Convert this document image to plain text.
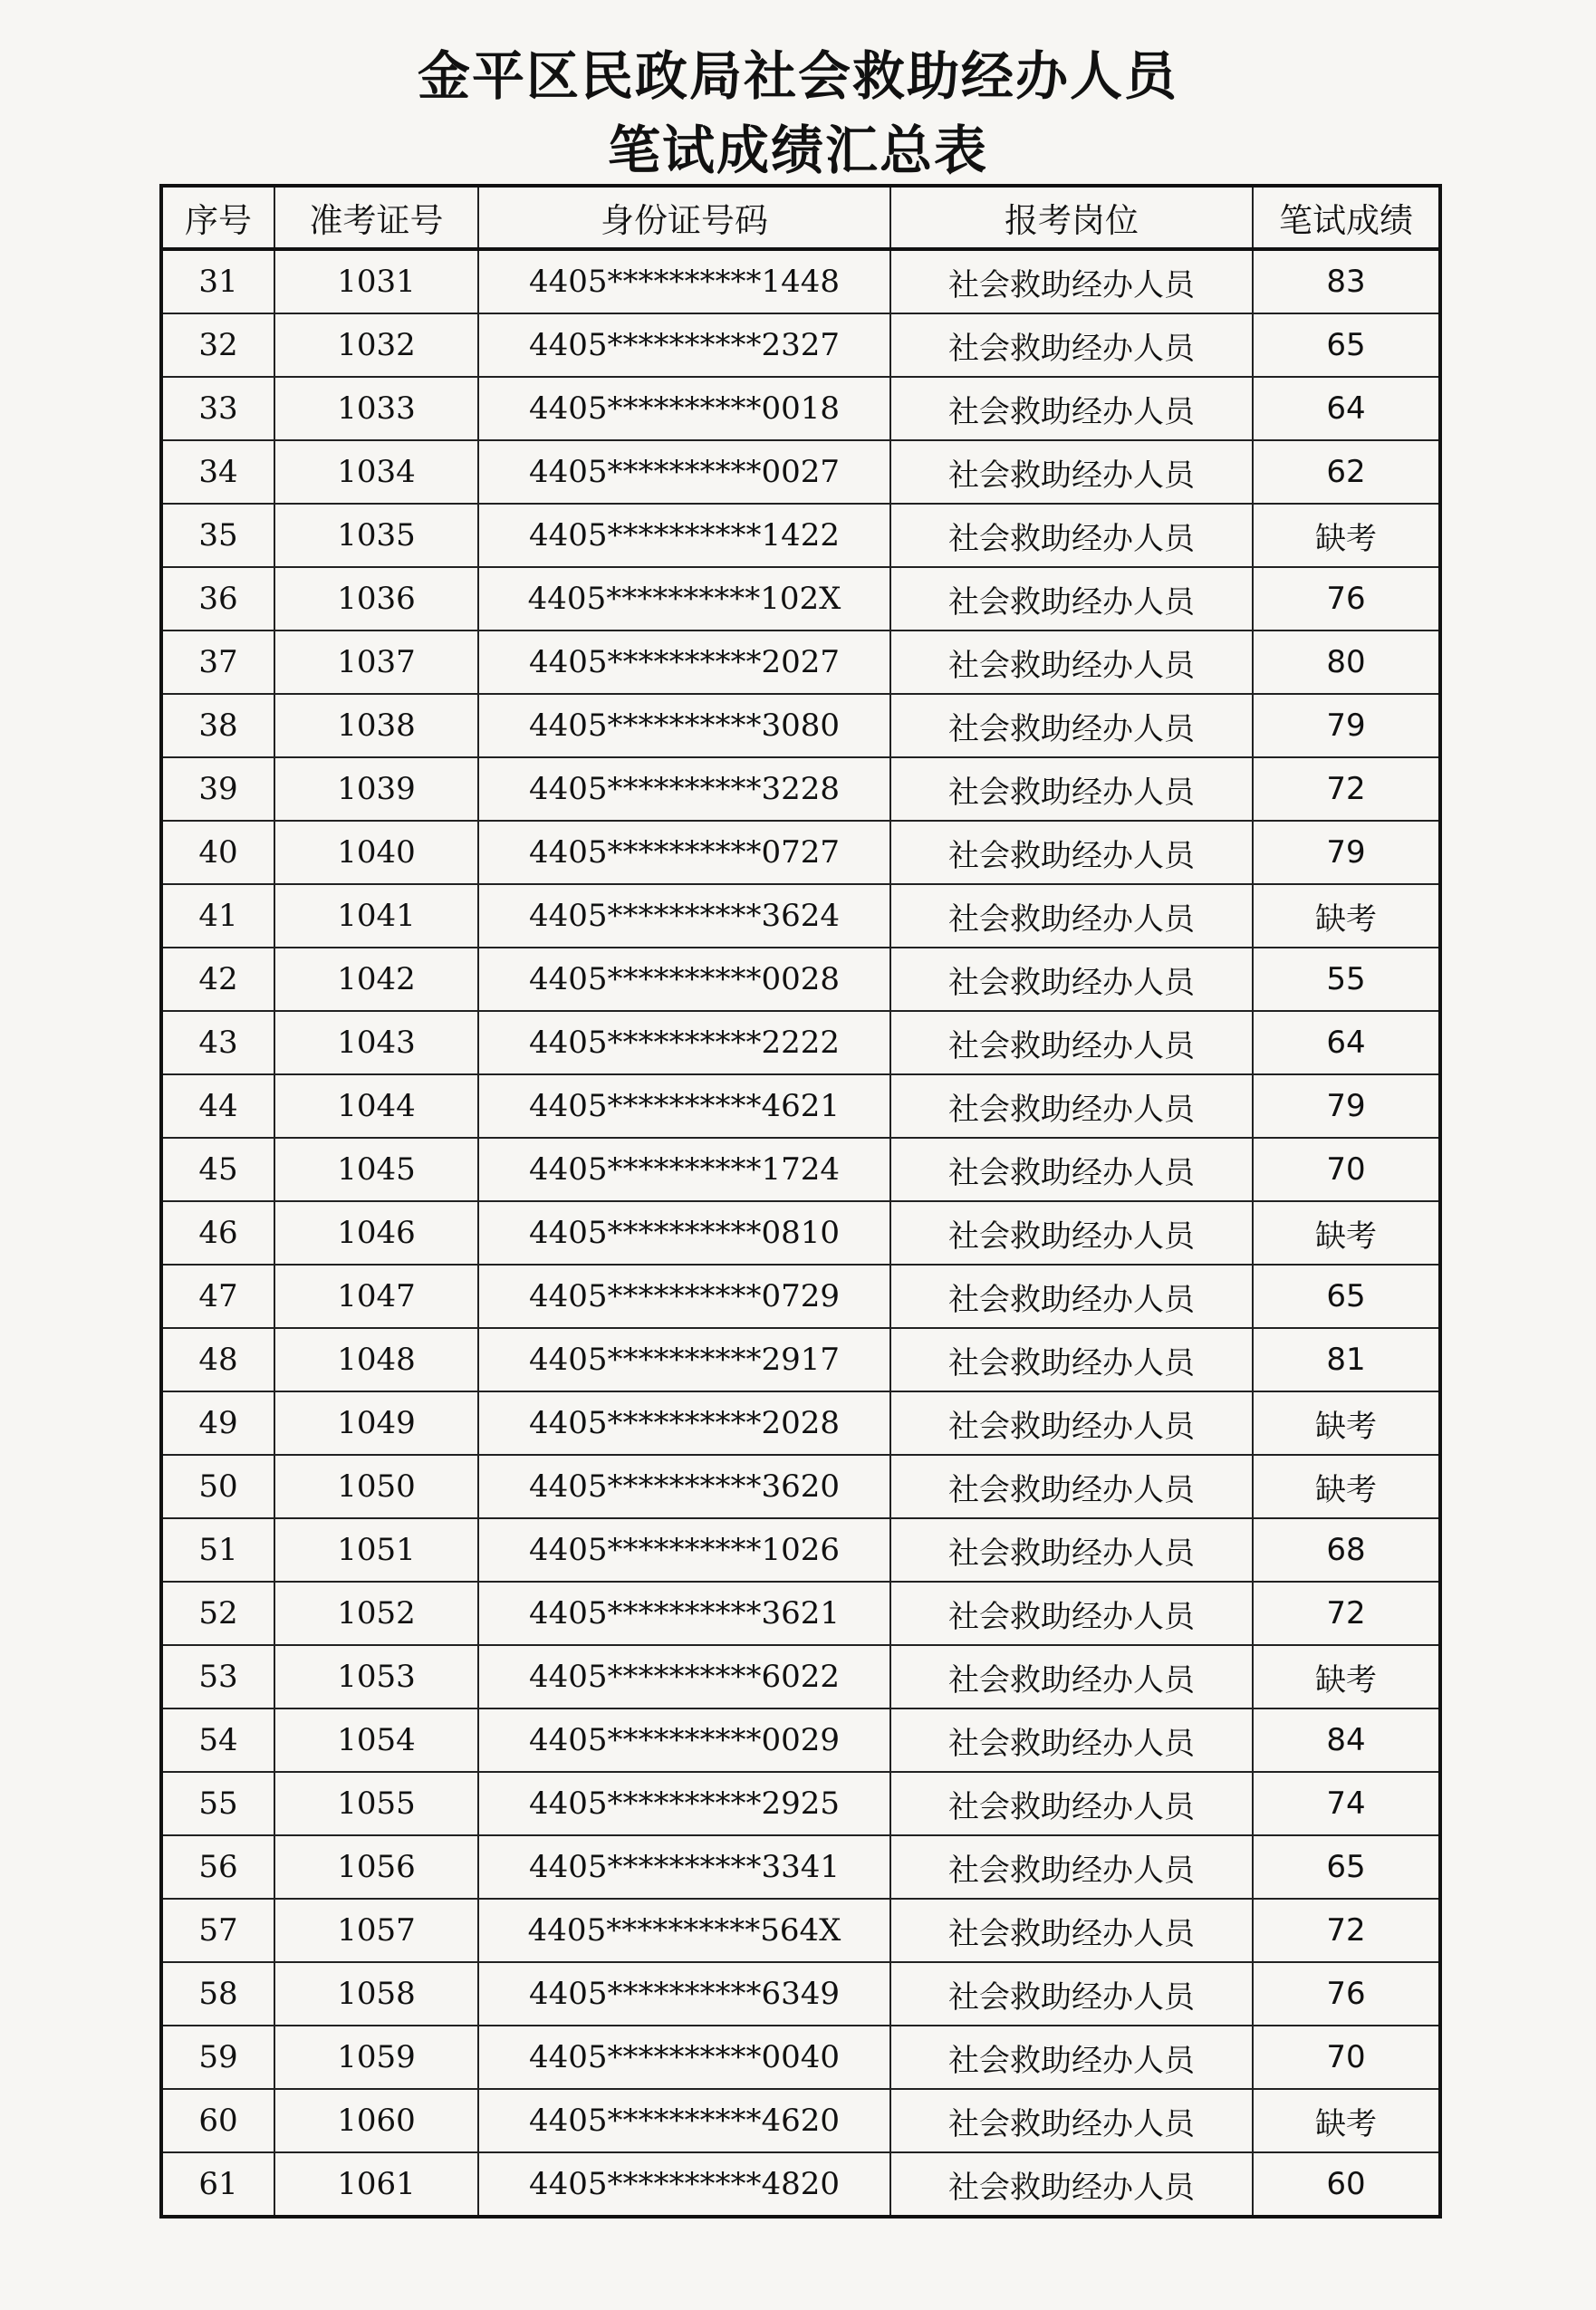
金平区民政局社会救助经办人员
笔试成绩汇总表
序号	准考证号	身份证号码	报考岗位	笔试成绩
31	1031	4405**********1448	社会救助经办人员	83
32	1032	4405**********2327	社会救助经办人员	65
33	1033	4405**********0018	社会救助经办人员	64
34	1034	4405**********0027	社会救助经办人员	62
35	1035	4405**********1422	社会救助经办人员	缺考
36	1036	4405**********102X	社会救助经办人员	76
37	1037	4405**********2027	社会救助经办人员	80
38	1038	4405**********3080	社会救助经办人员	79
39	1039	4405**********3228	社会救助经办人员	72
40	1040	4405**********0727	社会救助经办人员	79
41	1041	4405**********3624	社会救助经办人员	缺考
42	1042	4405**********0028	社会救助经办人员	55
43	1043	4405**********2222	社会救助经办人员	64
44	1044	4405**********4621	社会救助经办人员	79
45	1045	4405**********1724	社会救助经办人员	70
46	1046	4405**********0810	社会救助经办人员	缺考
47	1047	4405**********0729	社会救助经办人员	65
48	1048	4405**********2917	社会救助经办人员	81
49	1049	4405**********2028	社会救助经办人员	缺考
50	1050	4405**********3620	社会救助经办人员	缺考
51	1051	4405**********1026	社会救助经办人员	68
52	1052	4405**********3621	社会救助经办人员	72
53	1053	4405**********6022	社会救助经办人员	缺考
54	1054	4405**********0029	社会救助经办人员	84
55	1055	4405**********2925	社会救助经办人员	74
56	1056	4405**********3341	社会救助经办人员	65
57	1057	4405**********564X	社会救助经办人员	72
58	1058	4405**********6349	社会救助经办人员	76
59	1059	4405**********0040	社会救助经办人员	70
60	1060	4405**********4620	社会救助经办人员	缺考
61	1061	4405**********4820	社会救助经办人员	60
